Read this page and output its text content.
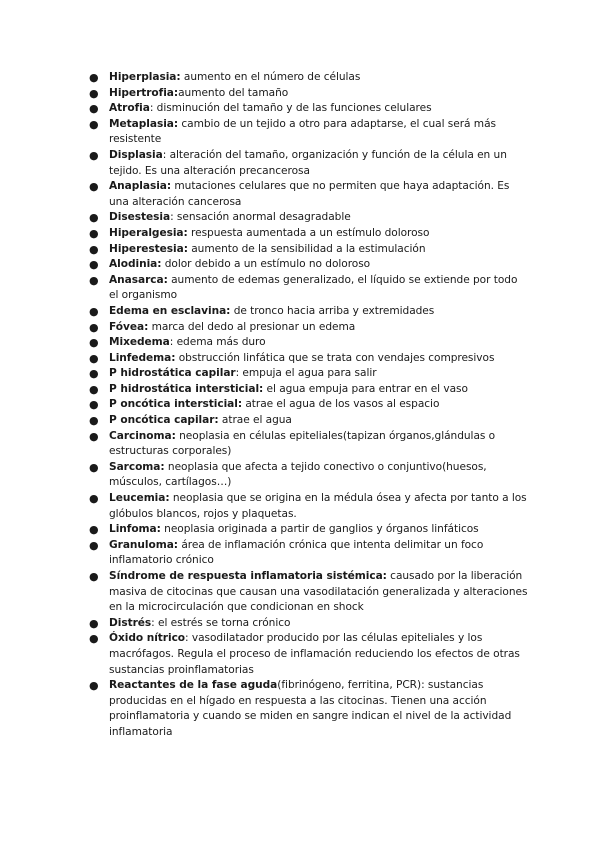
● Hiperplasia: aumento en el número de células
● Hipertrofia:aumento del tamaño
● Atrofia: disminución del tamaño y de las funciones celulares
● Metaplasia: cambio de un tejido a otro para adaptarse, el cual será más resistente
● Displasia: alteración del tamaño, organización y función de la célula en un tejido. Es una alteración precancerosa
● Anaplasia: mutaciones celulares que no permiten que haya adaptación. Es una alteración cancerosa
● Disestesia: sensación anormal desagradable
● Hiperalgesia: respuesta aumentada a un estímulo doloroso
● Hiperestesia: aumento de la sensibilidad a la estimulación
● Alodinia: dolor debido a un estímulo no doloroso
● Anasarca: aumento de edemas generalizado, el líquido se extiende por todo el organismo
● Edema en esclavina: de tronco hacia arriba y extremidades
● Fóvea: marca del dedo al presionar un edema
● Mixedema: edema más duro
● Linfedema: obstrucción linfática que se trata con vendajes compresivos
● P hidrostática capilar: empuja el agua para salir
● P hidrostática intersticial: el agua empuja para entrar en el vaso
● P oncótica intersticial: atrae el agua de los vasos al espacio
● P oncótica capilar: atrae el agua
● Carcinoma: neoplasia en células epiteliales(tapizan órganos,glándulas o estructuras corporales)
● Sarcoma: neoplasia que afecta a tejido conectivo o conjuntivo(huesos, músculos, cartílagos…)
● Leucemia: neoplasia que se origina en la médula ósea y afecta por tanto a los glóbulos blancos, rojos y plaquetas.
● Linfoma: neoplasia originada a partir de ganglios y órganos linfáticos
● Granuloma: área de inflamación crónica que intenta delimitar un foco inflamatorio crónico
● Síndrome de respuesta inflamatoria sistémica: causado por la liberación masiva de citocinas que causan una vasodilatación generalizada y alteraciones en la microcirculación que condicionan en shock
● Distrés: el estrés se torna crónico
● Óxido nítrico: vasodilatador producido por las células epiteliales y los macrófagos. Regula el proceso de inflamación reduciendo los efectos de otras sustancias proinflamatorias
● Reactantes de la fase aguda(fibrinógeno, ferritina, PCR): sustancias producidas en el hígado en respuesta a las citocinas. Tienen una acción proinflamatoria y cuando se miden en sangre indican el nivel de la actividad inflamatoria
